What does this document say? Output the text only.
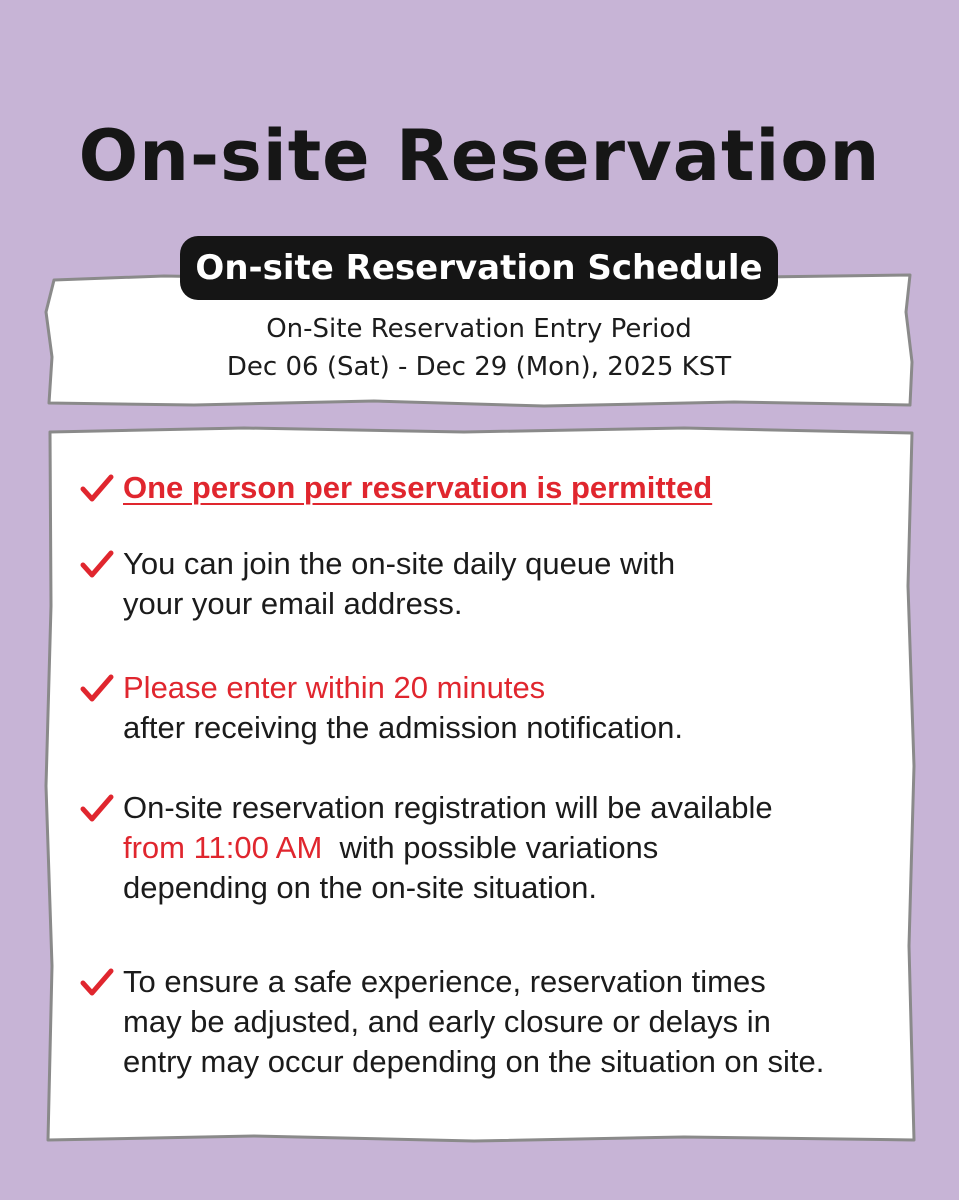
On-site Reservation
On-Site Reservation Entry Period
Dec 06 (Sat) - Dec 29 (Mon), 2025 KST
On-site Reservation Schedule
One person per reservation is permitted
You can join the on-site daily queue with
your your email address.
Please enter within 20 minutes
after receiving the admission notification.
On-site reservation registration will be available
from 11:00 AM with possible variations
depending on the on-site situation.
To ensure a safe experience, reservation times
may be adjusted, and early closure or delays in
entry may occur depending on the situation on site.
